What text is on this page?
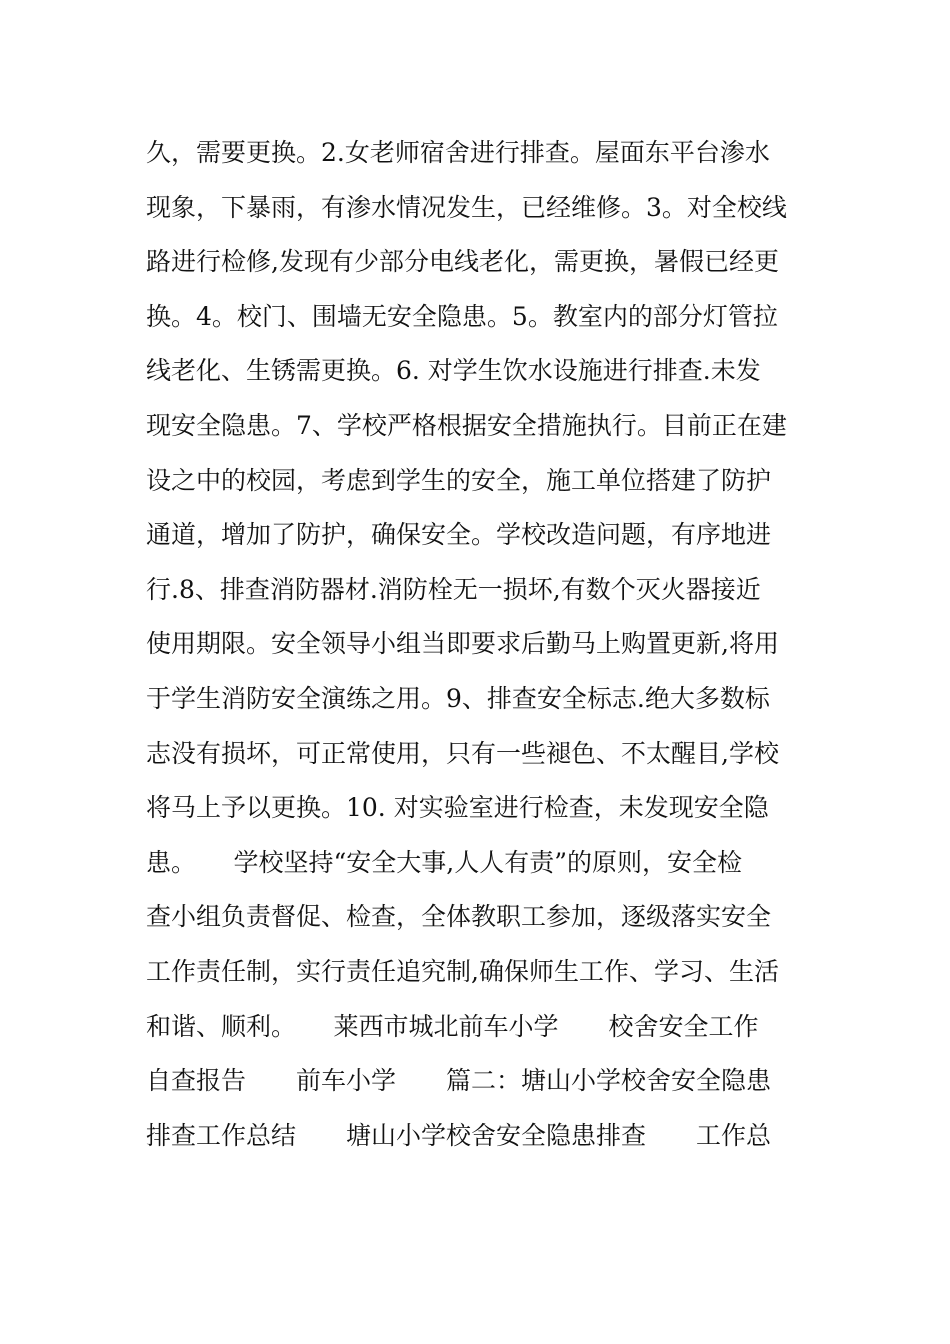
久，需要更换。2.女老师宿舍进行排查。屋面东平台渗水
现象，下暴雨，有渗水情况发生，已经维修。3。对全校线
路进行检修,发现有少部分电线老化，需更换，暑假已经更
换。4。校门、围墙无安全隐患。5。教室内的部分灯管拉
线老化、生锈需更换。6. 对学生饮水设施进行排查.未发
现安全隐患。7、学校严格根据安全措施执行。目前正在建
设之中的校园，考虑到学生的安全，施工单位搭建了防护
通道，增加了防护，确保安全。学校改造问题，有序地进
行.8、排查消防器材.消防栓无一损坏,有数个灭火器接近
使用期限。安全领导小组当即要求后勤马上购置更新,将用
于学生消防安全演练之用。9、排查安全标志.绝大多数标
志没有损坏，可正常使用，只有一些褪色、不太醒目,学校
将马上予以更换。10. 对实验室进行检查，未发现安全隐
患。　　学校坚持“安全大事,人人有责”的原则，安全检
查小组负责督促、检查，全体教职工参加，逐级落实安全
工作责任制，实行责任追究制,确保师生工作、学习、生活
和谐、顺利。　　莱西市城北前车小学　　校舍安全工作
自查报告　　前车小学　　篇二：塘山小学校舍安全隐患
排查工作总结　　塘山小学校舍安全隐患排查　　工作总
